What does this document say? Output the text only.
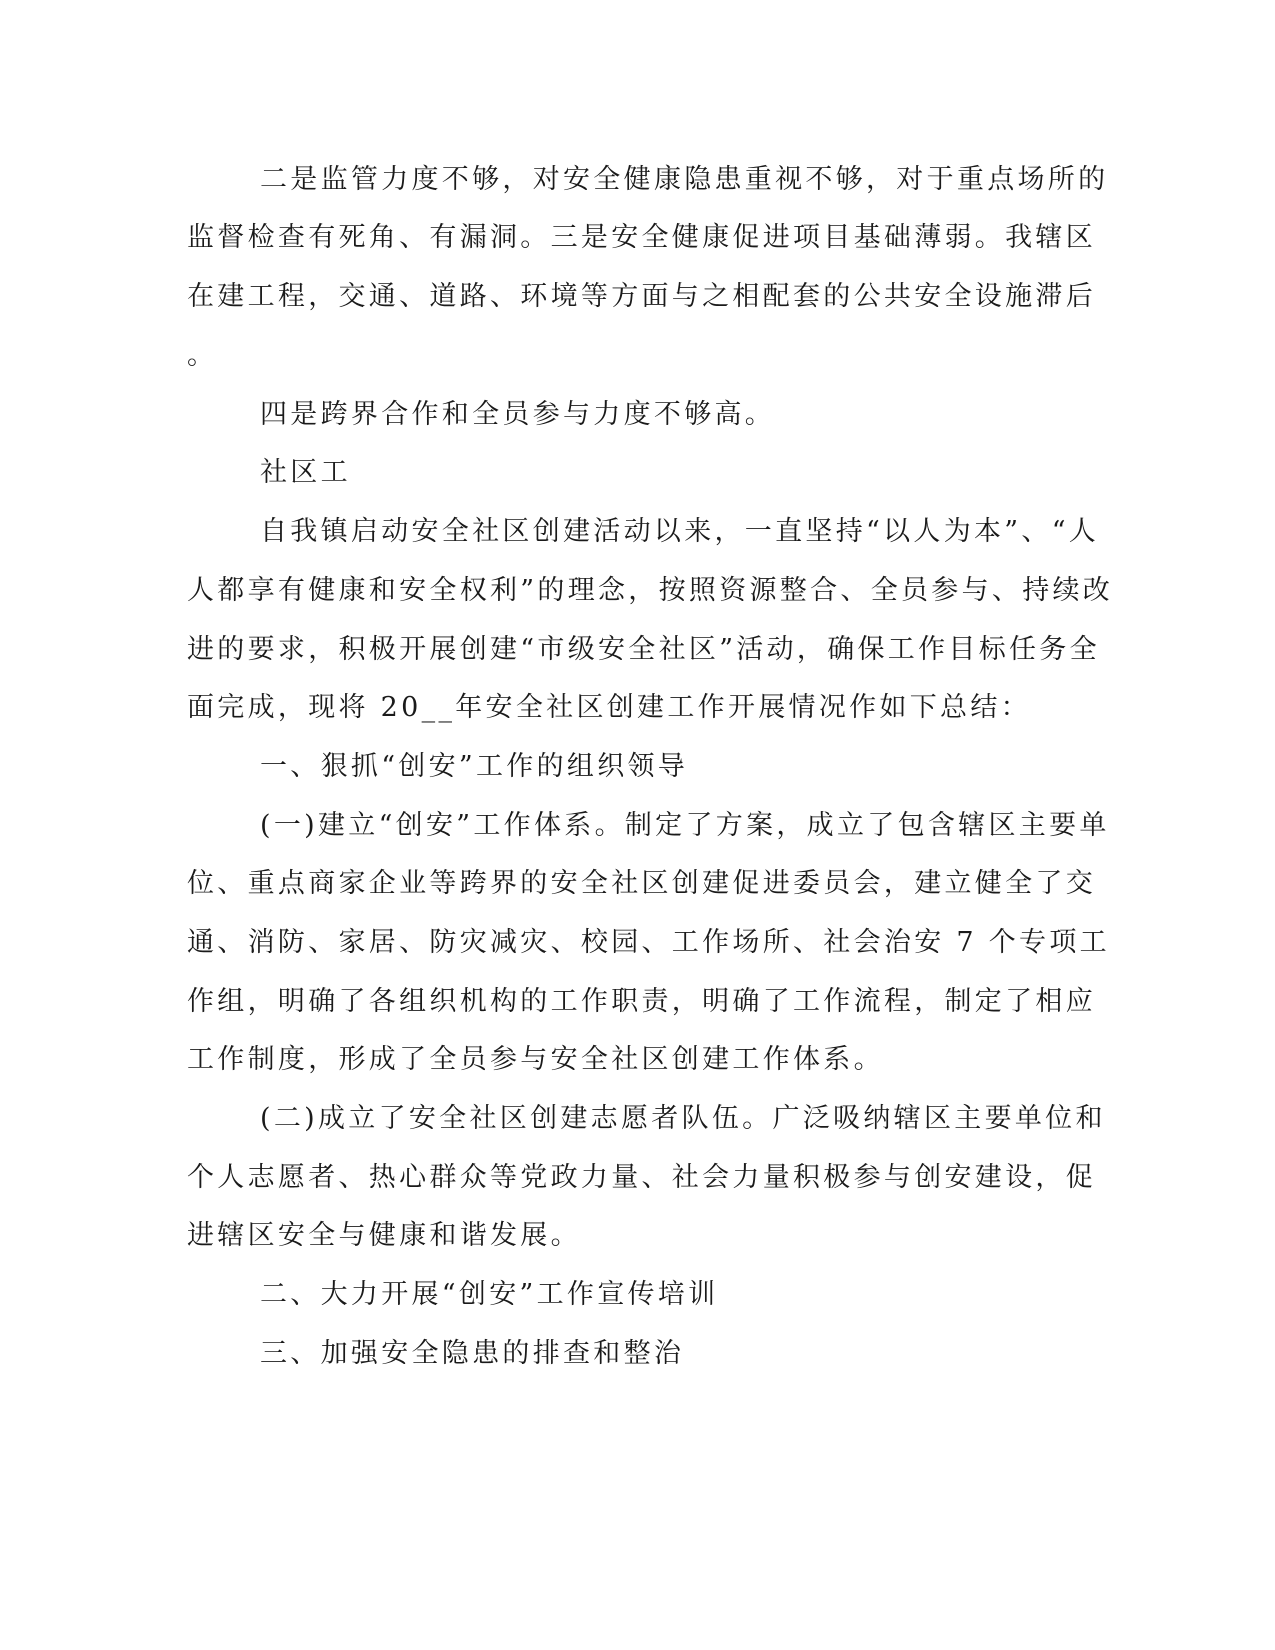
二是监管力度不够，对安全健康隐患重视不够，对于重点场所的
监督检查有死角、有漏洞。三是安全健康促进项目基础薄弱。我辖区
在建工程，交通、道路、环境等方面与之相配套的公共安全设施滞后
。
四是跨界合作和全员参与力度不够高。
社区工
自我镇启动安全社区创建活动以来，一直坚持“以人为本”、“人
人都享有健康和安全权利”的理念，按照资源整合、全员参与、持续改
进的要求，积极开展创建“市级安全社区”活动，确保工作目标任务全
面完成，现将 20__年安全社区创建工作开展情况作如下总结：
一、狠抓“创安”工作的组织领导
(一)建立“创安”工作体系。制定了方案，成立了包含辖区主要单
位、重点商家企业等跨界的安全社区创建促进委员会，建立健全了交
通、消防、家居、防灾减灾、校园、工作场所、社会治安 7 个专项工
作组，明确了各组织机构的工作职责，明确了工作流程，制定了相应
工作制度，形成了全员参与安全社区创建工作体系。
(二)成立了安全社区创建志愿者队伍。广泛吸纳辖区主要单位和
个人志愿者、热心群众等党政力量、社会力量积极参与创安建设，促
进辖区安全与健康和谐发展。
二、大力开展“创安”工作宣传培训
三、加强安全隐患的排查和整治
